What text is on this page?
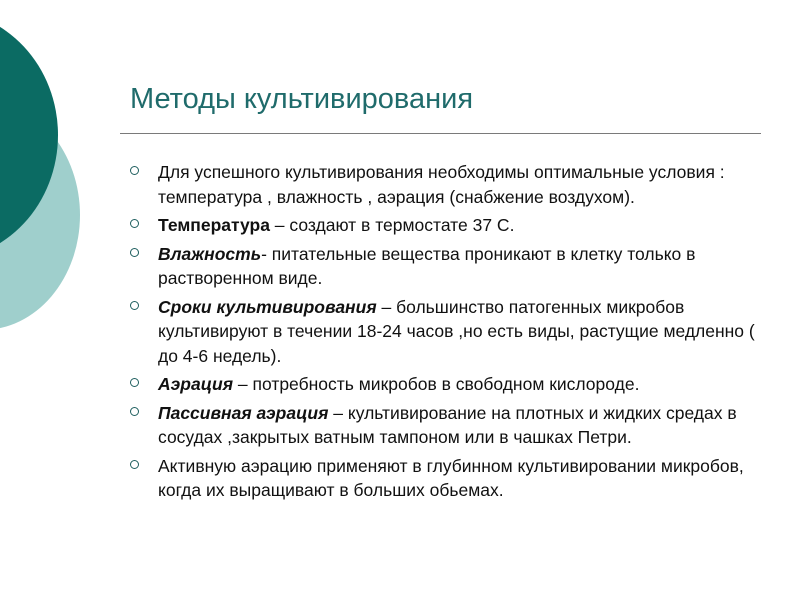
Методы культивирования
Для успешного культивирования необходимы оптимальные условия : температура , влажность , аэрация (снабжение воздухом).
Температура – создают в термостате 37 С.
Влажность- питательные вещества проникают в клетку только в растворенном виде.
Сроки культивирования – большинство патогенных микробов культивируют в течении 18-24 часов ,но есть виды, растущие медленно ( до 4-6 недель).
Аэрация – потребность микробов в свободном кислороде.
Пассивная аэрация – культивирование на плотных и жидких средах в сосудах ,закрытых ватным тампоном или в чашках Петри.
Активную аэрацию применяют в глубинном культивировании микробов, когда их выращивают в больших обьемах.
